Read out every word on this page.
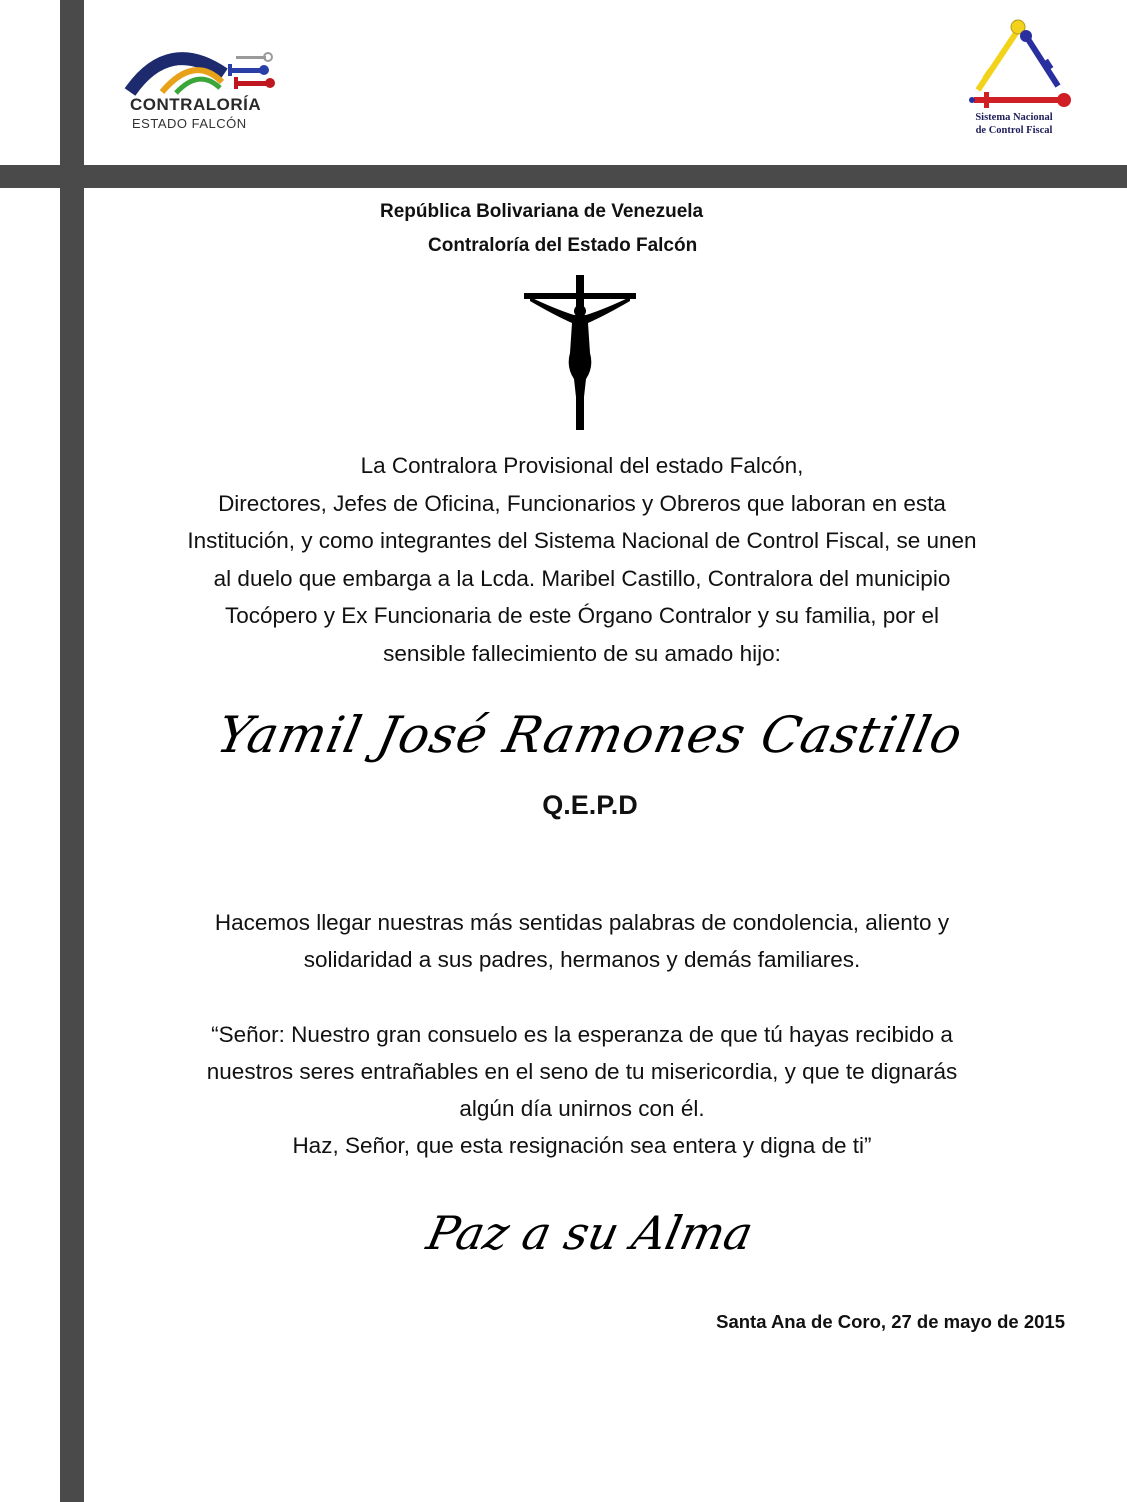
CONTRALORÍA
ESTADO FALCÓN	Sistema Nacional
de Control Fiscal
República Bolivariana de Venezuela
Contraloría del Estado Falcón

La Contralora Provisional del estado Falcón,
Directores, Jefes de Oficina, Funcionarios y Obreros que laboran en esta
Institución, y como integrantes del Sistema Nacional de Control Fiscal, se unen
al duelo que embarga a la Lcda. Maribel Castillo, Contralora del municipio
Tocópero y Ex Funcionaria de este Órgano Contralor y su familia, por el
sensible fallecimiento de su amado hijo:

Yamil José Ramones Castillo
Q.E.P.D

Hacemos llegar nuestras más sentidas palabras de condolencia, aliento y
solidaridad a sus padres, hermanos y demás familiares.

“Señor: Nuestro gran consuelo es la esperanza de que tú hayas recibido a
nuestros seres entrañables en el seno de tu misericordia, y que te dignarás
algún día unirnos con él.
Haz, Señor, que esta resignación sea entera y digna de ti”

Paz a su Alma
Santa Ana de Coro, 27 de mayo de 2015
